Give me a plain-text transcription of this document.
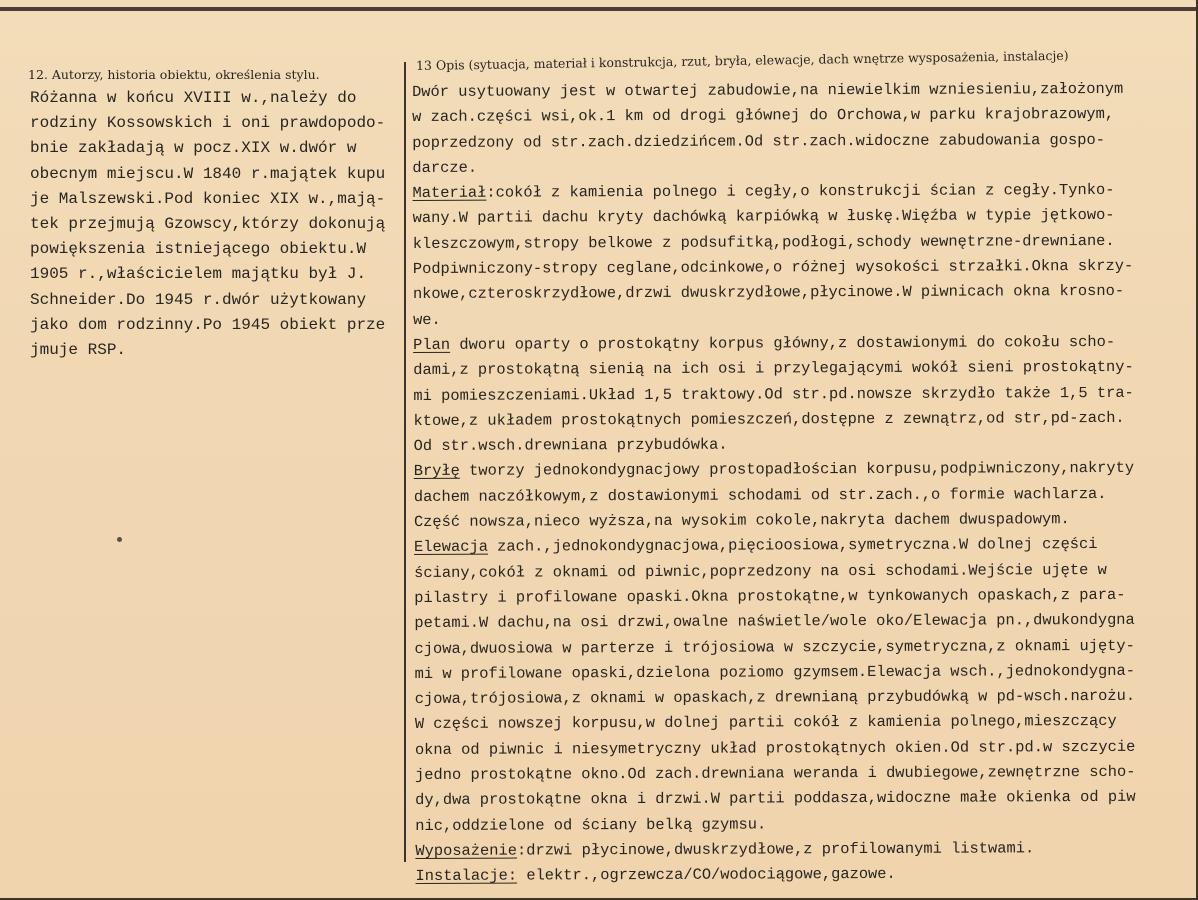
12. Autorzy, historia obiektu, określenia stylu.
13 Opis (sytuacja, materiał i konstrukcja, rzut, bryła, elewacje, dach wnętrze wysposażenia, instalacje)
Różanna w końcu XVIII w.,należy do
rodziny Kossowskich i oni prawdopodo-
bnie zakładają w pocz.XIX w.dwór w
obecnym miejscu.W 1840 r.majątek kupu
je Malszewski.Pod koniec XIX w.,mają-
tek przejmują Gzowscy,którzy dokonują
powiększenia istniejącego obiektu.W
1905 r.,właścicielem majątku był J.
Schneider.Do 1945 r.dwór użytkowany
jako dom rodzinny.Po 1945 obiekt prze
jmuje RSP.
Dwór usytuowany jest w otwartej zabudowie,na niewielkim wzniesieniu,założonym
w zach.części wsi,ok.1 km od drogi głównej do Orchowa,w parku krajobrazowym,
poprzedzony od str.zach.dziedzińcem.Od str.zach.widoczne zabudowania gospo-
darcze.
Materiał:cokół z kamienia polnego i cegły,o konstrukcji ścian z cegły.Tynko-
wany.W partii dachu kryty dachówką karpiówką w łuskę.Więźba w typie jętkowo-
kleszczowym,stropy belkowe z podsufitką,podłogi,schody wewnętrzne-drewniane.
Podpiwniczony-stropy ceglane,odcinkowe,o różnej wysokości strzałki.Okna skrzy-
nkowe,czteroskrzydłowe,drzwi dwuskrzydłowe,płycinowe.W piwnicach okna krosno-
we.
Plan dworu oparty o prostokątny korpus główny,z dostawionymi do cokołu scho-
dami,z prostokątną sienią na ich osi i przylegającymi wokół sieni prostokątny-
mi pomieszczeniami.Układ 1,5 traktowy.Od str.pd.nowsze skrzydło także 1,5 tra-
ktowe,z układem prostokątnych pomieszczeń,dostępne z zewnątrz,od str,pd-zach.
Od str.wsch.drewniana przybudówka.
Bryłę tworzy jednokondygnacjowy prostopadłościan korpusu,podpiwniczony,nakryty
dachem naczółkowym,z dostawionymi schodami od str.zach.,o formie wachlarza.
Część nowsza,nieco wyższa,na wysokim cokole,nakryta dachem dwuspadowym.
Elewacja zach.,jednokondygnacjowa,pięcioosiowa,symetryczna.W dolnej części
ściany,cokół z oknami od piwnic,poprzedzony na osi schodami.Wejście ujęte w
pilastry i profilowane opaski.Okna prostokątne,w tynkowanych opaskach,z para-
petami.W dachu,na osi drzwi,owalne naświetle/wole oko/Elewacja pn.,dwukondygna
cjowa,dwuosiowa w parterze i trójosiowa w szczycie,symetryczna,z oknami ujęty-
mi w profilowane opaski,dzielona poziomo gzymsem.Elewacja wsch.,jednokondygna-
cjowa,trójosiowa,z oknami w opaskach,z drewnianą przybudówką w pd-wsch.narożu.
W części nowszej korpusu,w dolnej partii cokół z kamienia polnego,mieszczący
okna od piwnic i niesymetryczny układ prostokątnych okien.Od str.pd.w szczycie
jedno prostokątne okno.Od zach.drewniana weranda i dwubiegowe,zewnętrzne scho-
dy,dwa prostokątne okna i drzwi.W partii poddasza,widoczne małe okienka od piw
nic,oddzielone od ściany belką gzymsu.
Wyposażenie:drzwi płycinowe,dwuskrzydłowe,z profilowanymi listwami.
Instalacje: elektr.,ogrzewcza/CO/wodociągowe,gazowe.
